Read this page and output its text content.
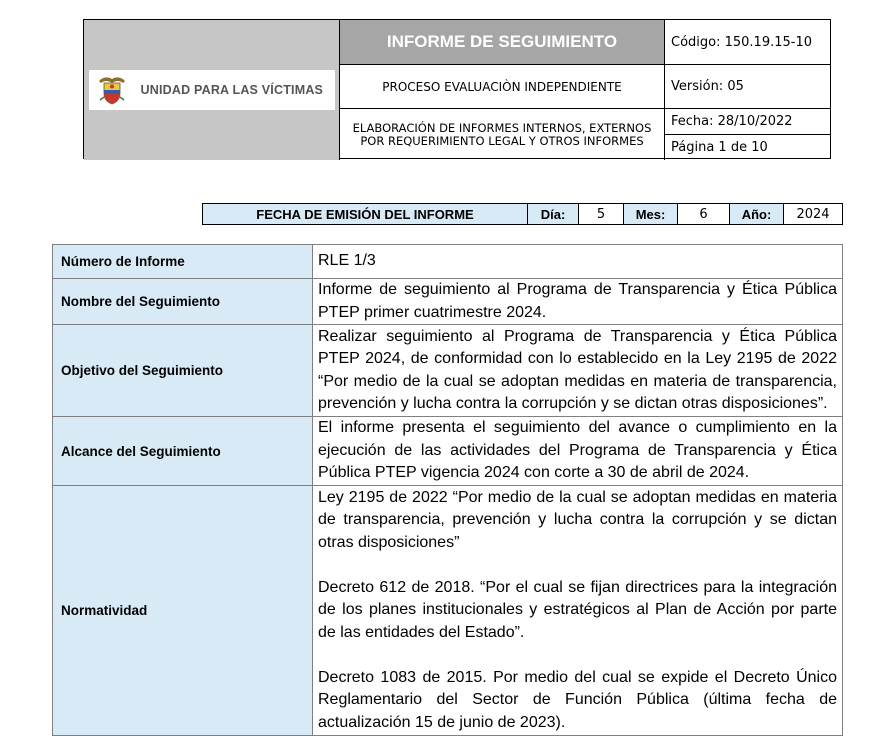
UNIDAD PARA LAS VÍCTIMAS
INFORME DE SEGUIMIENTO	Código: 150.19.15-10
PROCESO EVALUACIÒN INDEPENDIENTE	Versión: 05
ELABORACIÓN DE INFORMES INTERNOS, EXTERNOS POR REQUERIMIENTO LEGAL Y OTROS INFORMES
Fecha: 28/10/2022
Página 1 de 10
FECHA DE EMISIÓN DEL INFORME	Día:	5	Mes:	6	Año:	2024
Número de Informe	RLE 1/3
Nombre del Seguimiento	Informe de seguimiento al Programa de Transparencia y Ética Pública PTEP primer cuatrimestre 2024.
Objetivo del Seguimiento	Realizar seguimiento al Programa de Transparencia y Ética Pública PTEP 2024, de conformidad con lo establecido en la Ley 2195 de 2022 “Por medio de la cual se adoptan medidas en materia de transparencia, prevención y lucha contra la corrupción y se dictan otras disposiciones”.
Alcance del Seguimiento	El informe presenta el seguimiento del avance o cumplimiento en la ejecución de las actividades del Programa de Transparencia y Ética Pública PTEP vigencia 2024 con corte a 30 de abril de 2024.
Normatividad	Ley 2195 de 2022 “Por medio de la cual se adoptan medidas en materia de transparencia, prevención y lucha contra la corrupción y se dictan otras disposiciones”

Decreto 612 de 2018. “Por el cual se fijan directrices para la integración de los planes institucionales y estratégicos al Plan de Acción por parte de las entidades del Estado”.

Decreto 1083 de 2015. Por medio del cual se expide el Decreto Único Reglamentario del Sector de Función Pública (última fecha de actualización 15 de junio de 2023).
